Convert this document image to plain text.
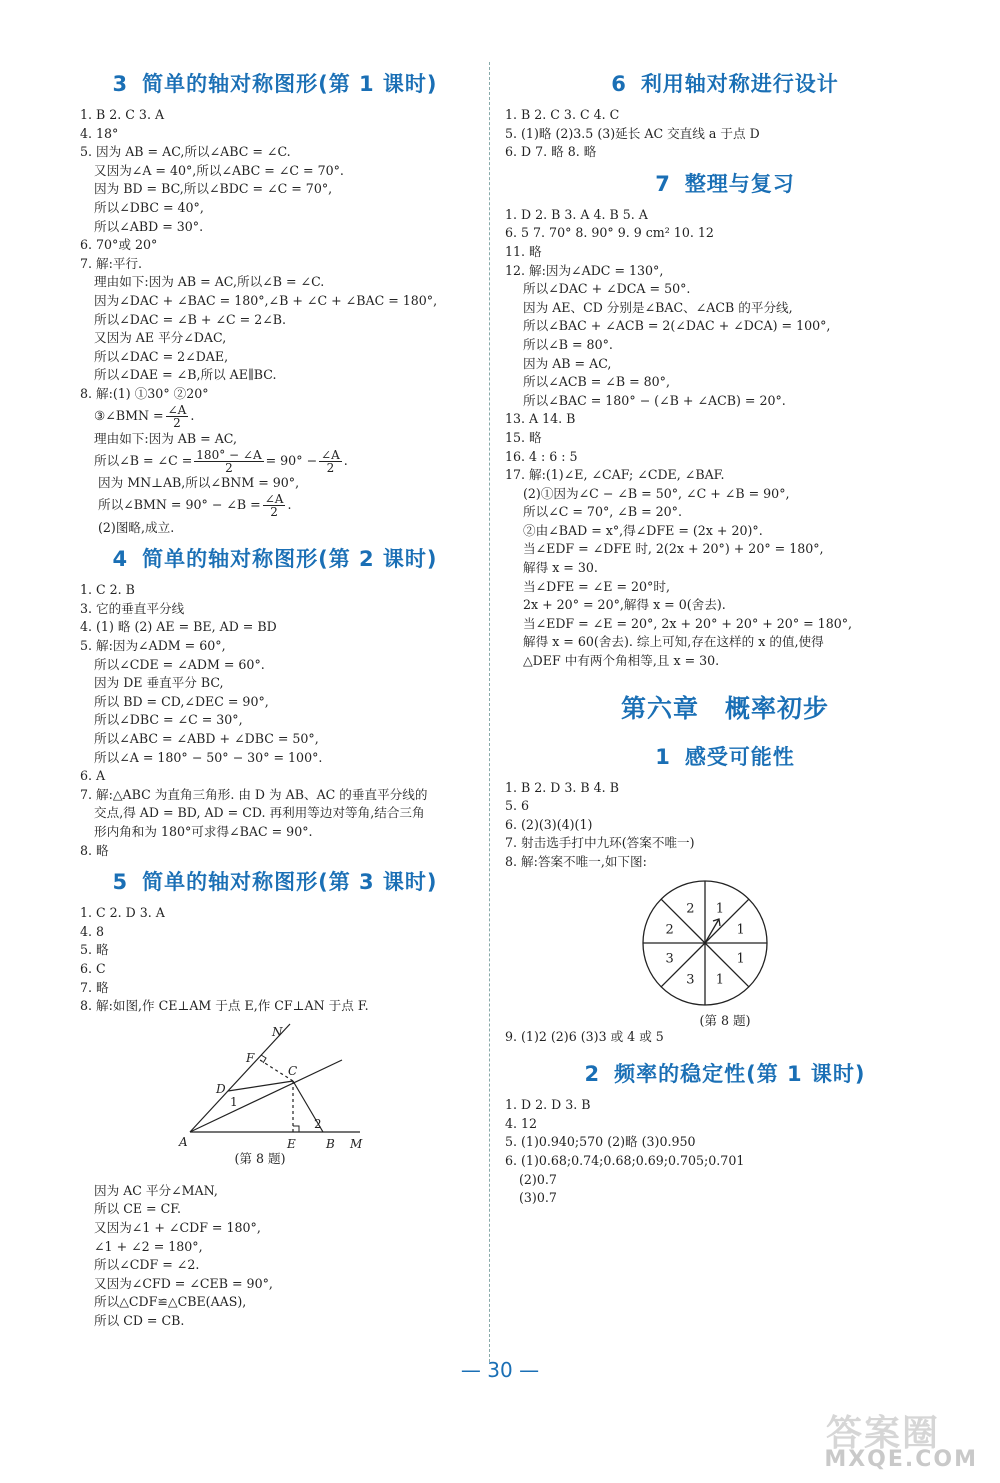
3 简单的轴对称图形(第 1 课时)
1. B 2. C 3. A
4. 18°
5. 因为 AB = AC,所以∠ABC = ∠C.
又因为∠A = 40°,所以∠ABC = ∠C = 70°.
因为 BD = BC,所以∠BDC = ∠C = 70°,
所以∠DBC = 40°,
所以∠ABD = 30°.
6. 70°或 20°
7. 解:平行.
理由如下:因为 AB = AC,所以∠B = ∠C.
因为∠DAC + ∠BAC = 180°,∠B + ∠C + ∠BAC = 180°,
所以∠DAC = ∠B + ∠C = 2∠B.
又因为 AE 平分∠DAC,
所以∠DAC = 2∠DAE,
所以∠DAE = ∠B,所以 AE∥BC.
8. 解:(1) ①30° ②20°
③∠BMN = $\frac{\angle A}{2}$ .
理由如下:因为 AB = AC,
所以∠B = ∠C = $\frac{180^\circ - \angle A}{2} = 90^\circ - \frac{\angle A}{2}$ .
因为 MN⊥AB,所以∠BNM = 90°,
所以∠BMN = 90° − ∠B = $\frac{\angle A}{2}$ .
(2)图略,成立.
4 简单的轴对称图形(第 2 课时)
1. C 2. B
3. 它的垂直平分线
4. (1) 略 (2) AE = BE, AD = BD
5. 解:因为∠ADM = 60°,
所以∠CDE = ∠ADM = 60°.
因为 DE 垂直平分 BC,
所以 BD = CD,∠DEC = 90°,
所以∠DBC = ∠C = 30°,
所以∠ABC = ∠ABD + ∠DBC = 50°,
所以∠A = 180° − 50° − 30° = 100°.
6. A
7. 解:△ABC 为直角三角形. 由 D 为 AB、AC 的垂直平分线的
交点,得 AD = BD, AD = CD. 再利用等边对等角,结合三角
形内角和为 180°可求得∠BAC = 90°.
8. 略
5 简单的轴对称图形(第 3 课时)
1. C 2. D 3. A
4. 8
5. 略
6. C
7. 略
8. 解:如图,作 CE⊥AM 于点 E,作 CF⊥AN 于点 F.
N
F
C
D
1
A	E
2
B M
(第 8 题)
因为 AC 平分∠MAN,
所以 CE = CF.
又因为∠1 + ∠CDF = 180°,
∠1 + ∠2 = 180°,
所以∠CDF = ∠2.
又因为∠CFD = ∠CEB = 90°,
所以△CDF≌△CBE(AAS),
所以 CD = CB.
6 利用轴对称进行设计
1. B 2. C 3. C 4. C
5. (1)略 (2)3.5 (3)延长 AC 交直线 a 于点 D
6. D 7. 略 8. 略
7 整理与复习
1. D 2. B 3. A 4. B 5. A
6. 5 7. 70° 8. 90° 9. 9 cm² 10. 12
11. 略
12. 解:因为∠ADC = 130°,
所以∠DAC + ∠DCA = 50°.
因为 AE、CD 分别是∠BAC、∠ACB 的平分线,
所以∠BAC + ∠ACB = 2(∠DAC + ∠DCA) = 100°,
所以∠B = 80°.
因为 AB = AC,
所以∠ACB = ∠B = 80°,
所以∠BAC = 180° − (∠B + ∠ACB) = 20°.
13. A 14. B
15. 略
16. 4 : 6 : 5
17. 解:(1)∠E, ∠CAF; ∠CDE, ∠BAF.
(2)①因为∠C − ∠B = 50°, ∠C + ∠B = 90°,
所以∠C = 70°, ∠B = 20°.
②由∠BAD = x°,得∠DFE = (2x + 20)°.
当∠EDF = ∠DFE 时, 2(2x + 20°) + 20° = 180°,
解得 x = 30.
当∠DFE = ∠E = 20°时,
2x + 20° = 20°,解得 x = 0(舍去).
当∠EDF = ∠E = 20°, 2x + 20° + 20° + 20° = 180°,
解得 x = 60(舍去). 综上可知,存在这样的 x 的值,使得
△DEF 中有两个角相等,且 x = 30.
第六章 概率初步
1 感受可能性
1. B 2. D 3. B 4. B
5. 6
6. (2)(3)(4)(1)
7. 射击选手打中九环(答案不唯一)
8. 解:答案不唯一,如下图:
1
1
1
1
3
3
2
2
(第 8 题)
9. (1)2 (2)6 (3)3 或 4 或 5
2 频率的稳定性(第 1 课时)
1. D 2. D 3. B
4. 12
5. (1)0.940;570 (2)略 (3)0.950
6. (1)0.68;0.74;0.68;0.69;0.705;0.701
(2)0.7
(3)0.7
— 30 —
答案圈
MXQE.COM
